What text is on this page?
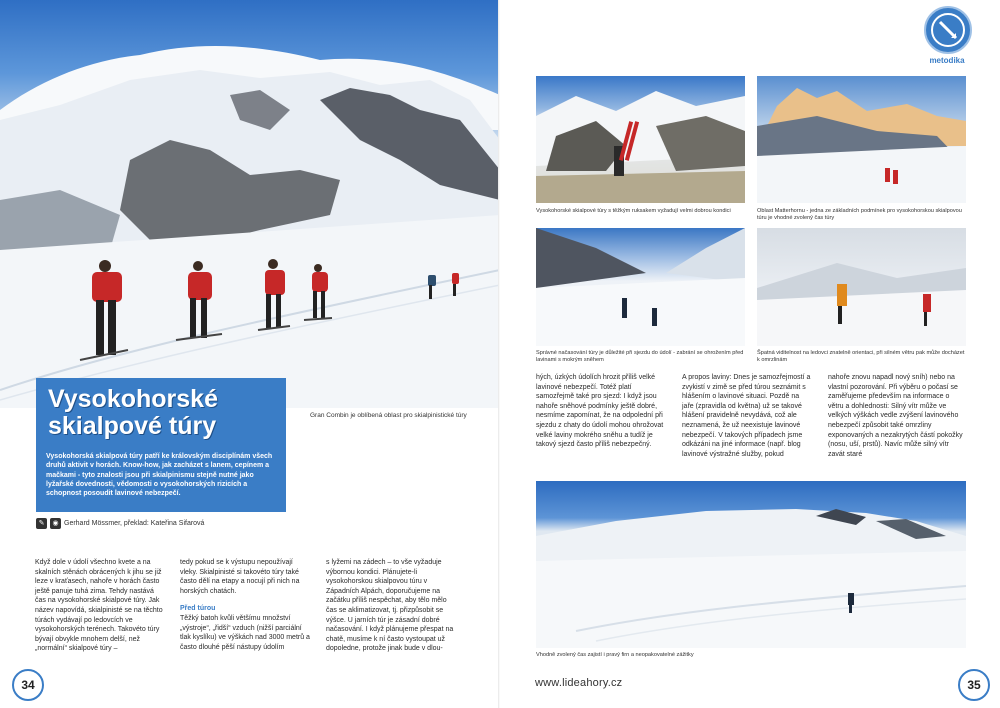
Gran Combin je oblíbená oblast pro skialpinistické túry
Vysokohorské
skialpové túry
Vysokohorská skialpová túry patří ke královským disciplínám všech druhů aktivit v horách. Know-how, jak zacházet s lanem, cepínem a mačkami - tyto znalosti jsou při skialpinismu stejně nutné jako lyžařské dovednosti, vědomosti o vysokohorských rizicích a schopnost posoudit lavinové nebezpečí.
✎	◉ Gerhard Mössmer, překlad: Kateřina Sifarová

Když dole v údolí všechno kvete a na skalních stěnách obrácených k jihu se již leze v kraťasech, nahoře v horách často ještě panuje tuhá zima. Tehdy nastává čas na vysokohorské skialpové túry. Jak název napovídá, skialpinisté se na těchto túrách vydávají po ledovcích ve vysokohorských terénech. Takovéto túry bývají obvykle mnohem delší, než „normální“ skialpové túry –

tedy pokud se k výstupu nepoužívají vleky. Skialpinisté si takovéto túry také často dělí na etapy a nocují při nich na horských chatách.

Před túrou

Těžký batoh kvůli většímu množství „výstroje“, „řidší“ vzduch (nižší parciální tlak kyslíku) ve výškách nad 3000 metrů a často dlouhé pěší nástupy údolím

s lyžemi na zádech – to vše vyžaduje výbornou kondici. Plánujete-li vysokohorskou skialpovou túru v Západních Alpách, doporučujeme na začátku příliš nespěchat, aby tělo mělo čas se aklimatizovat, tj. přizpůsobit se výšce. U jarních túr je zásadní dobré načasování. I když plánujeme přespat na chatě, musíme k ní často vystoupat už dopoledne, protože jinak bude v dlou-

34
metodika
Vysokohorské skialpové túry s těžkým ruksakem vyžadují velmi dobrou kondici	Oblast Matterhornu - jedna ze základních podmínek pro vysokohorskou skialpovou túru je vhodné zvolený čas túry
Správné načasování túry je důležité při sjezdu do údolí - zabrání se ohrožením před lavinami s mokrým sněhem
Špatná viditelnost na ledovci znatelně orientaci, při silném větru pak může docházet k omrzlinám

hých, úzkých údolích hrozit příliš velké lavinové nebezpečí. Totéž platí samozřejmě také pro sjezd: I když jsou nahoře sněhové podmínky ještě dobré, nesmíme zapomínat, že na odpolední při sjezdu z chaty do údolí mohou ohrožovat velké laviny mokrého sněhu a tudíž je takový sjezd často příliš nebezpečný.

A propos laviny: Dnes je samozřejmostí a zvykistí v zimě se před túrou seznámit s hlášením o lavinové situaci. Pozdě na jaře (zpravidla od května) už se takové hlášení pravidelně nevydává, což ale neznamená, že už neexistuje lavinové nebezpečí. V takových případech jsme odkázáni na jiné informace (např. blog lavinové výstražné služby, pokud

nahoře znovu napadl nový sníh) nebo na vlastní pozorování. Při výběru o počasí se zaměřujeme především na informace o větru a dohlednosti: Silný vítr může ve velkých výškách vedle zvýšení lavinového nebezpečí způsobit také omrzliny exponovaných a nezakrytých částí pokožky (nosu, uší, prstů). Navíc může silný vítr zavát staré

Vhodně zvolený čas zajistí i pravý firn a neopakovatelné zážitky
www.lideahory.cz	35
